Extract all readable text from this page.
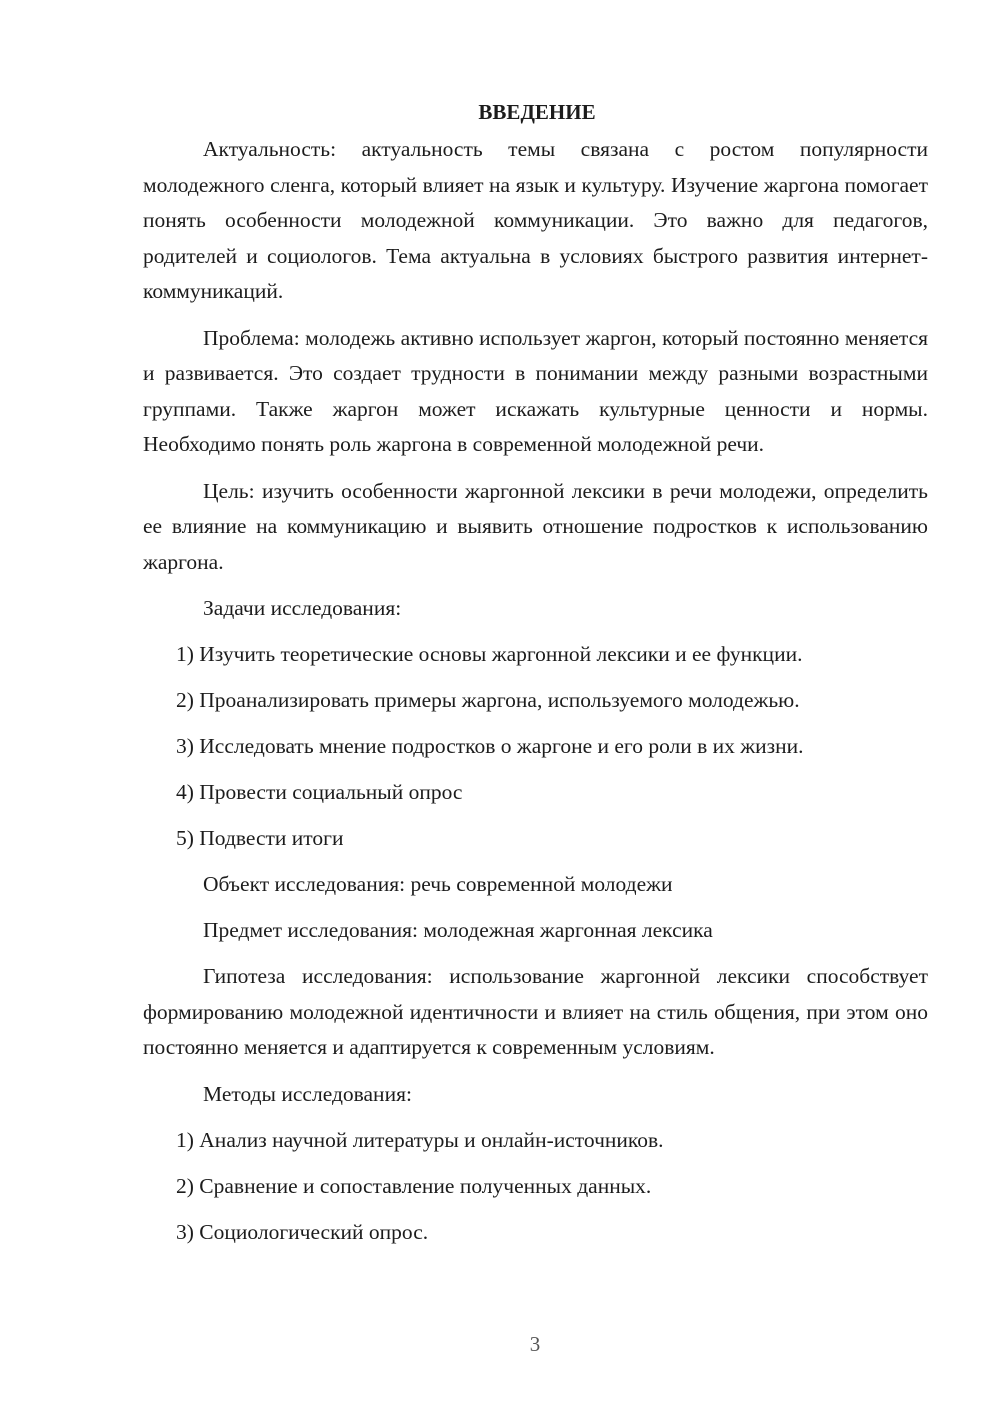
ВВЕДЕНИЕ

Актуальность: актуальность темы связана с ростом популярности молодежного сленга, который влияет на язык и культуру. Изучение жаргона помогает понять особенности молодежной коммуникации. Это важно для педагогов, родителей и социологов. Тема актуальна в условиях быстрого развития интернет-коммуникаций.

Проблема: молодежь активно использует жаргон, который постоянно меняется и развивается. Это создает трудности в понимании между разными возрастными группами. Также жаргон может искажать культурные ценности и нормы. Необходимо понять роль жаргона в современной молодежной речи.

Цель: изучить особенности жаргонной лексики в речи молодежи, определить ее влияние на коммуникацию и выявить отношение подростков к использованию жаргона.

Задачи исследования:

1) Изучить теоретические основы жаргонной лексики и ее функции.

2) Проанализировать примеры жаргона, используемого молодежью.

3) Исследовать мнение подростков о жаргоне и его роли в их жизни.

4) Провести социальный опрос

5) Подвести итоги

Объект исследования: речь современной молодежи

Предмет исследования: молодежная жаргонная лексика

Гипотеза исследования: использование жаргонной лексики способствует формированию молодежной идентичности и влияет на стиль общения, при этом оно постоянно меняется и адаптируется к современным условиям.

Методы исследования:

1) Анализ научной литературы и онлайн-источников.

2) Сравнение и сопоставление полученных данных.

3) Социологический опрос.

3
